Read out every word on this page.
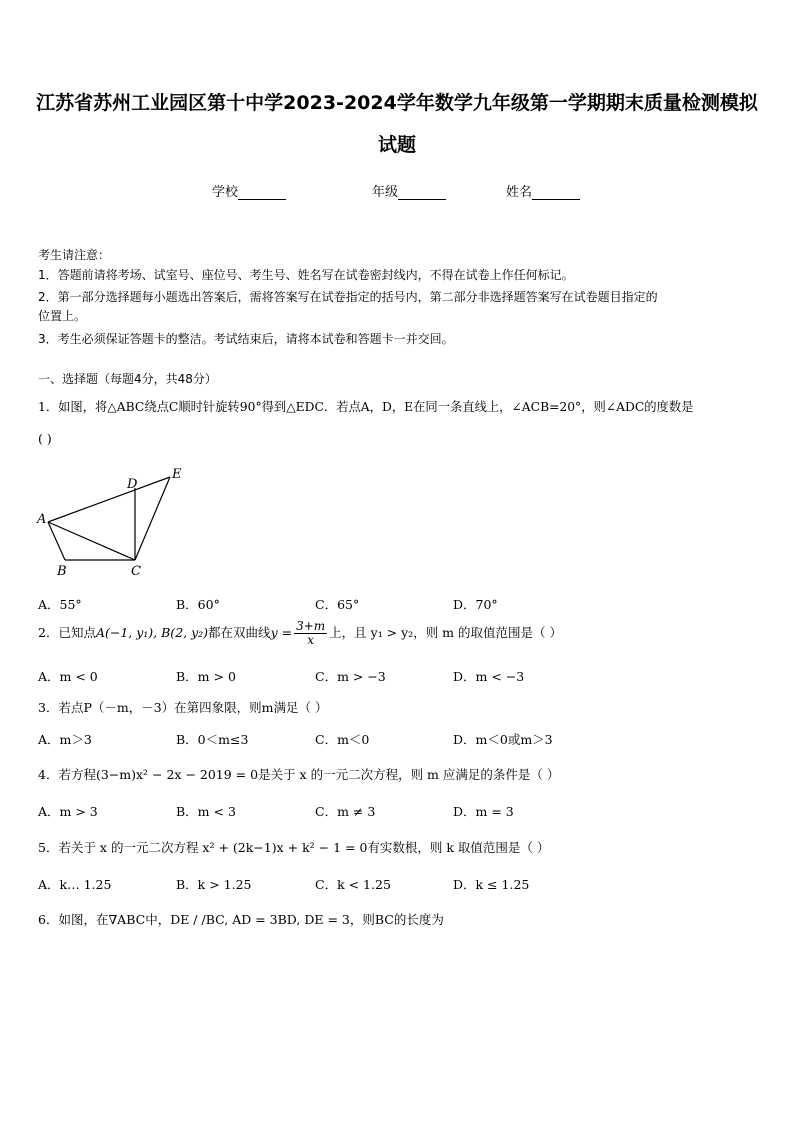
江苏省苏州工业园区第十中学2023-2024学年数学九年级第一学期期末质量检测模拟
试题
学校	年级	姓名
考生请注意：
1．答题前请将考场、试室号、座位号、考生号、姓名写在试卷密封线内，不得在试卷上作任何标记。
2．第一部分选择题每小题选出答案后，需将答案写在试卷指定的括号内，第二部分非选择题答案写在试卷题目指定的
位置上。
3．考生必须保证答题卡的整洁。考试结束后，请将本试卷和答题卡一并交回。
一、选择题（每题4分，共48分）
1．如图，将△ABC绕点C顺时针旋转90°得到△EDC．若点A，D，E在同一条直线上，∠ACB=20°，则∠ADC的度数是
( )
A
B	C
D
E
A．55°	B．60°	C．65°	D．70°
2．已知点A(−1, y₁), B(2, y₂)都在双曲线$y = \frac{3+m}{x}$ 上，且 y₁ > y₂，则 m 的取值范围是（ ）
A．m < 0	B．m > 0	C．m > −3	D．m < −3
3．若点P（－m，－3）在第四象限，则m满足（ ）
A．m＞3	B．0＜m≤3	C．m＜0	D．m＜0或m＞3
4．若方程(3−m)x² − 2x − 2019 = 0是关于 x 的一元二次方程，则 m 应满足的条件是（ ）
A．m > 3	B．m < 3	C．m ≠ 3	D．m = 3
5．若关于 x 的一元二次方程 x² + (2k−1)x + k² − 1 = 0有实数根，则 k 取值范围是（ ）
A．k… 1.25	B．k > 1.25	C．k < 1.25	D．k ≤ 1.25
6．如图，在∇ABC中，DE / /BC, AD = 3BD, DE = 3，则BC的长度为
